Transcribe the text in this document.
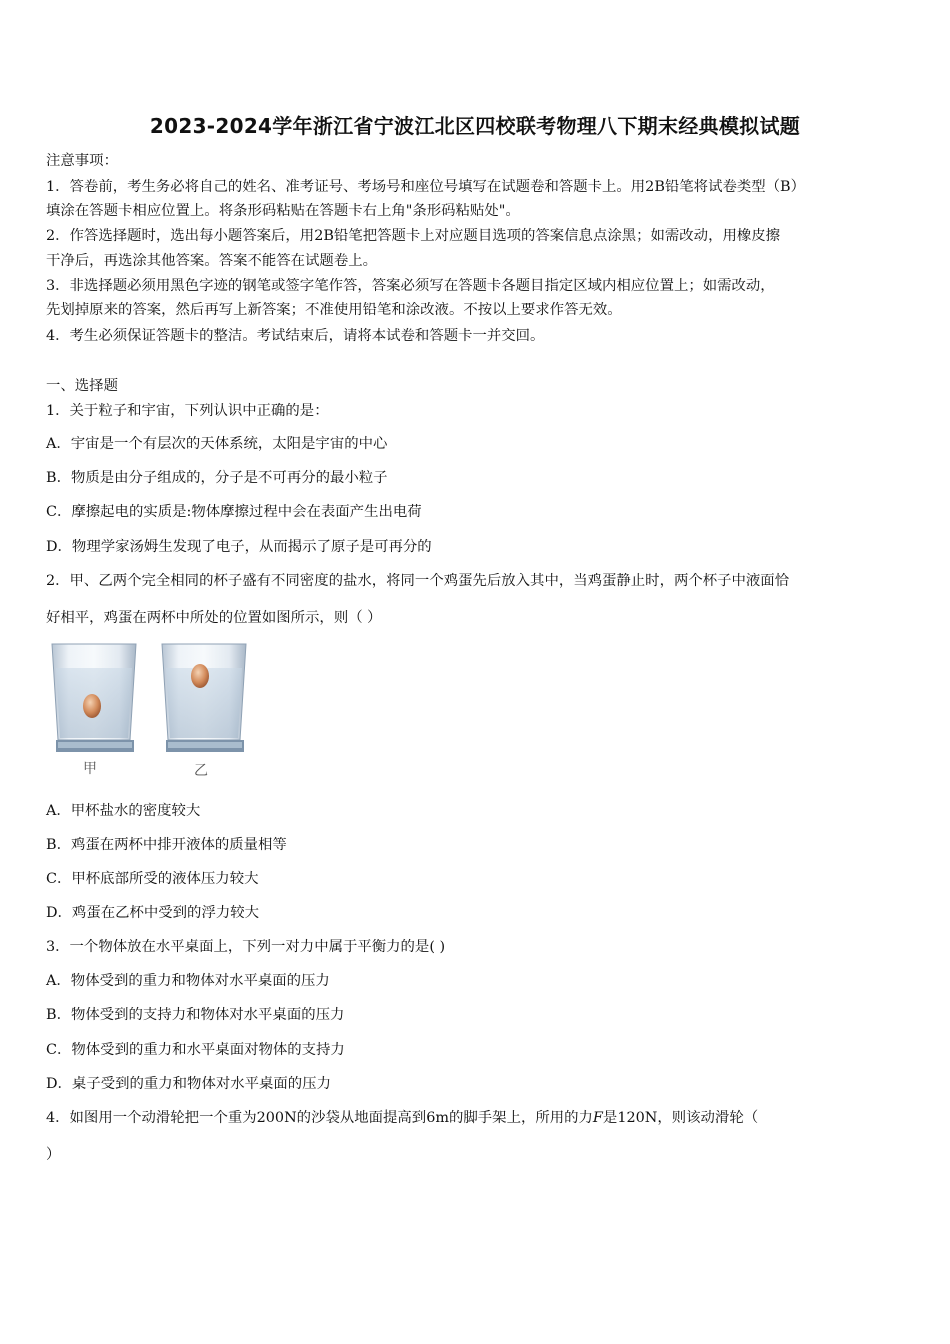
2023-2024学年浙江省宁波江北区四校联考物理八下期末经典模拟试题
注意事项：
1．答卷前，考生务必将自己的姓名、准考证号、考场号和座位号填写在试题卷和答题卡上。用2B铅笔将试卷类型（B）
填涂在答题卡相应位置上。将条形码粘贴在答题卡右上角"条形码粘贴处"。
2．作答选择题时，选出每小题答案后，用2B铅笔把答题卡上对应题目选项的答案信息点涂黑；如需改动，用橡皮擦
干净后，再选涂其他答案。答案不能答在试题卷上。
3．非选择题必须用黑色字迹的钢笔或签字笔作答，答案必须写在答题卡各题目指定区域内相应位置上；如需改动，
先划掉原来的答案，然后再写上新答案；不准使用铅笔和涂改液。不按以上要求作答无效。
4．考生必须保证答题卡的整洁。考试结束后，请将本试卷和答题卡一并交回。
一、选择题
1．关于粒子和宇宙，下列认识中正确的是：
A．宇宙是一个有层次的天体系统，太阳是宇宙的中心
B．物质是由分子组成的，分子是不可再分的最小粒子
C．摩擦起电的实质是:物体摩擦过程中会在表面产生出电荷
D．物理学家汤姆生发现了电子，从而揭示了原子是可再分的
2．甲、乙两个完全相同的杯子盛有不同密度的盐水，将同一个鸡蛋先后放入其中，当鸡蛋静止时，两个杯子中液面恰
好相平，鸡蛋在两杯中所处的位置如图所示，则（ ）
甲	乙
A．甲杯盐水的密度较大
B．鸡蛋在两杯中排开液体的质量相等
C．甲杯底部所受的液体压力较大
D．鸡蛋在乙杯中受到的浮力较大
3．一个物体放在水平桌面上，下列一对力中属于平衡力的是( )
A．物体受到的重力和物体对水平桌面的压力
B．物体受到的支持力和物体对水平桌面的压力
C．物体受到的重力和水平桌面对物体的支持力
D．桌子受到的重力和物体对水平桌面的压力
4．如图用一个动滑轮把一个重为200N的沙袋从地面提高到6m的脚手架上，所用的力F是120N，则该动滑轮（
）
